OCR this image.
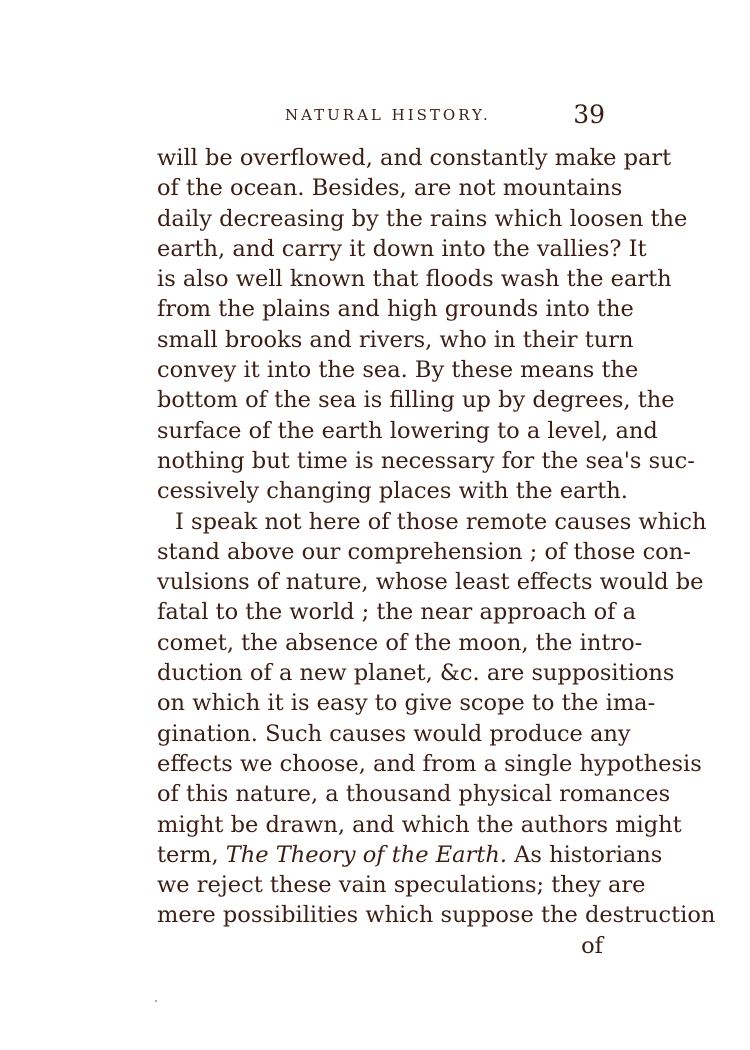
NATURAL HISTORY.	39
will be overflowed, and constantly make part
of the ocean. Besides, are not mountains
daily decreasing by the rains which loosen the
earth, and carry it down into the vallies? It
is also well known that floods wash the earth
from the plains and high grounds into the
small brooks and rivers, who in their turn
convey it into the sea. By these means the
bottom of the sea is filling up by degrees, the
surface of the earth lowering to a level, and
nothing but time is necessary for the sea's suc-
cessively changing places with the earth.
I speak not here of those remote causes which
stand above our comprehension ; of those con-
vulsions of nature, whose least effects would be
fatal to the world ; the near approach of a
comet, the absence of the moon, the intro-
duction of a new planet, &c. are suppositions
on which it is easy to give scope to the ima-
gination. Such causes would produce any
effects we choose, and from a single hypothesis
of this nature, a thousand physical romances
might be drawn, and which the authors might
term, The Theory of the Earth. As historians
we reject these vain speculations; they are
mere possibilities which suppose the destruction
of
